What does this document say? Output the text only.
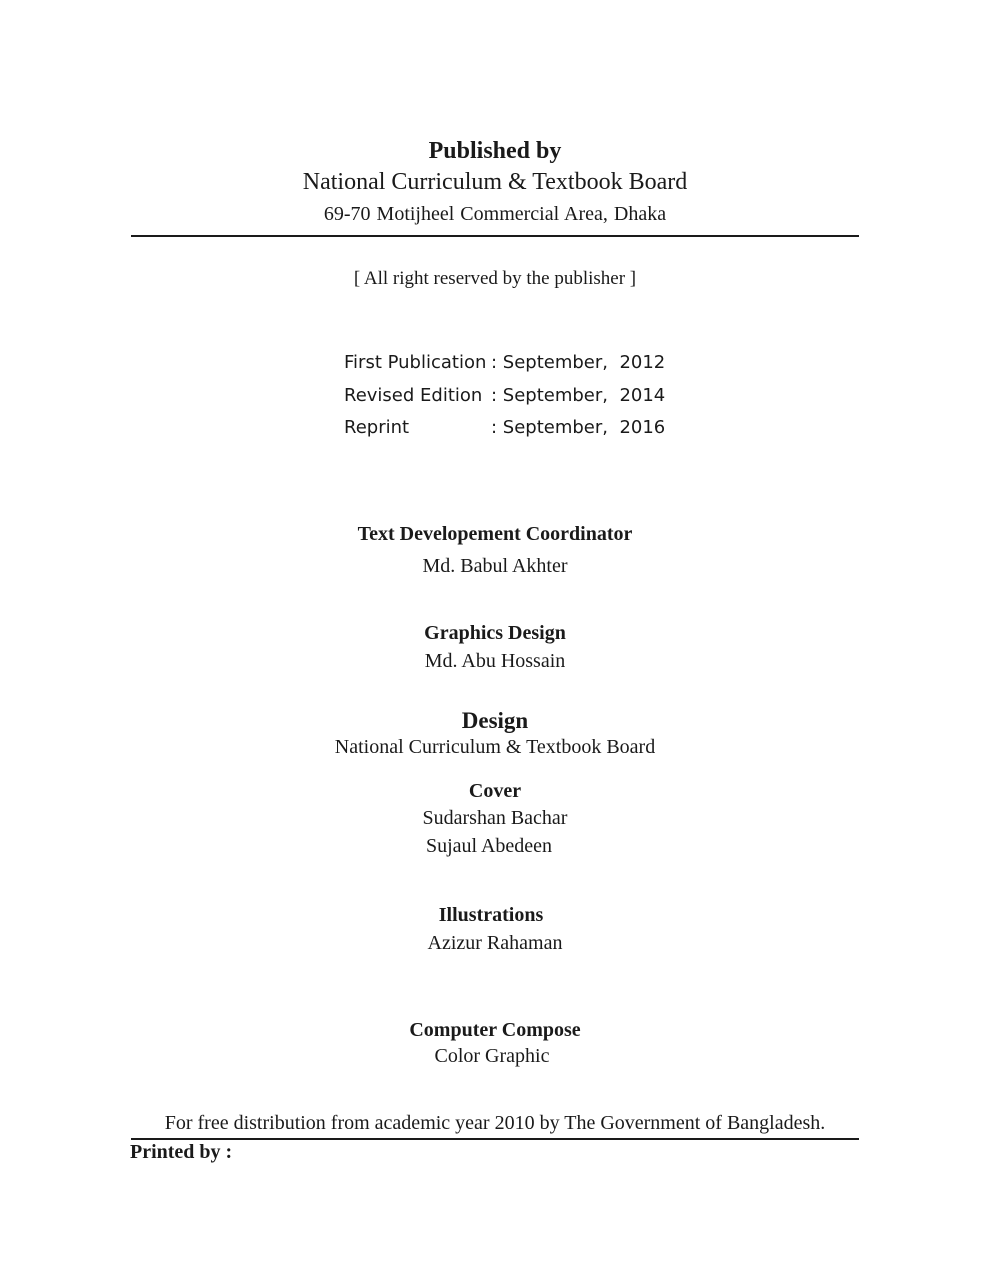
Published by
National Curriculum & Textbook Board
69-70 Motijheel Commercial Area, Dhaka
[ All right reserved by the publisher ]
First Publication : September,  2012
Revised Edition : September,  2014
Reprint	: September,  2016
Text Developement Coordinator
Md. Babul Akhter
Graphics Design
Md. Abu Hossain
Design
National Curriculum & Textbook Board
Cover
Sudarshan Bachar
Sujaul Abedeen
Illustrations
Azizur Rahaman
Computer Compose
Color Graphic
For free distribution from academic year 2010 by The Government of Bangladesh.
Printed by :
